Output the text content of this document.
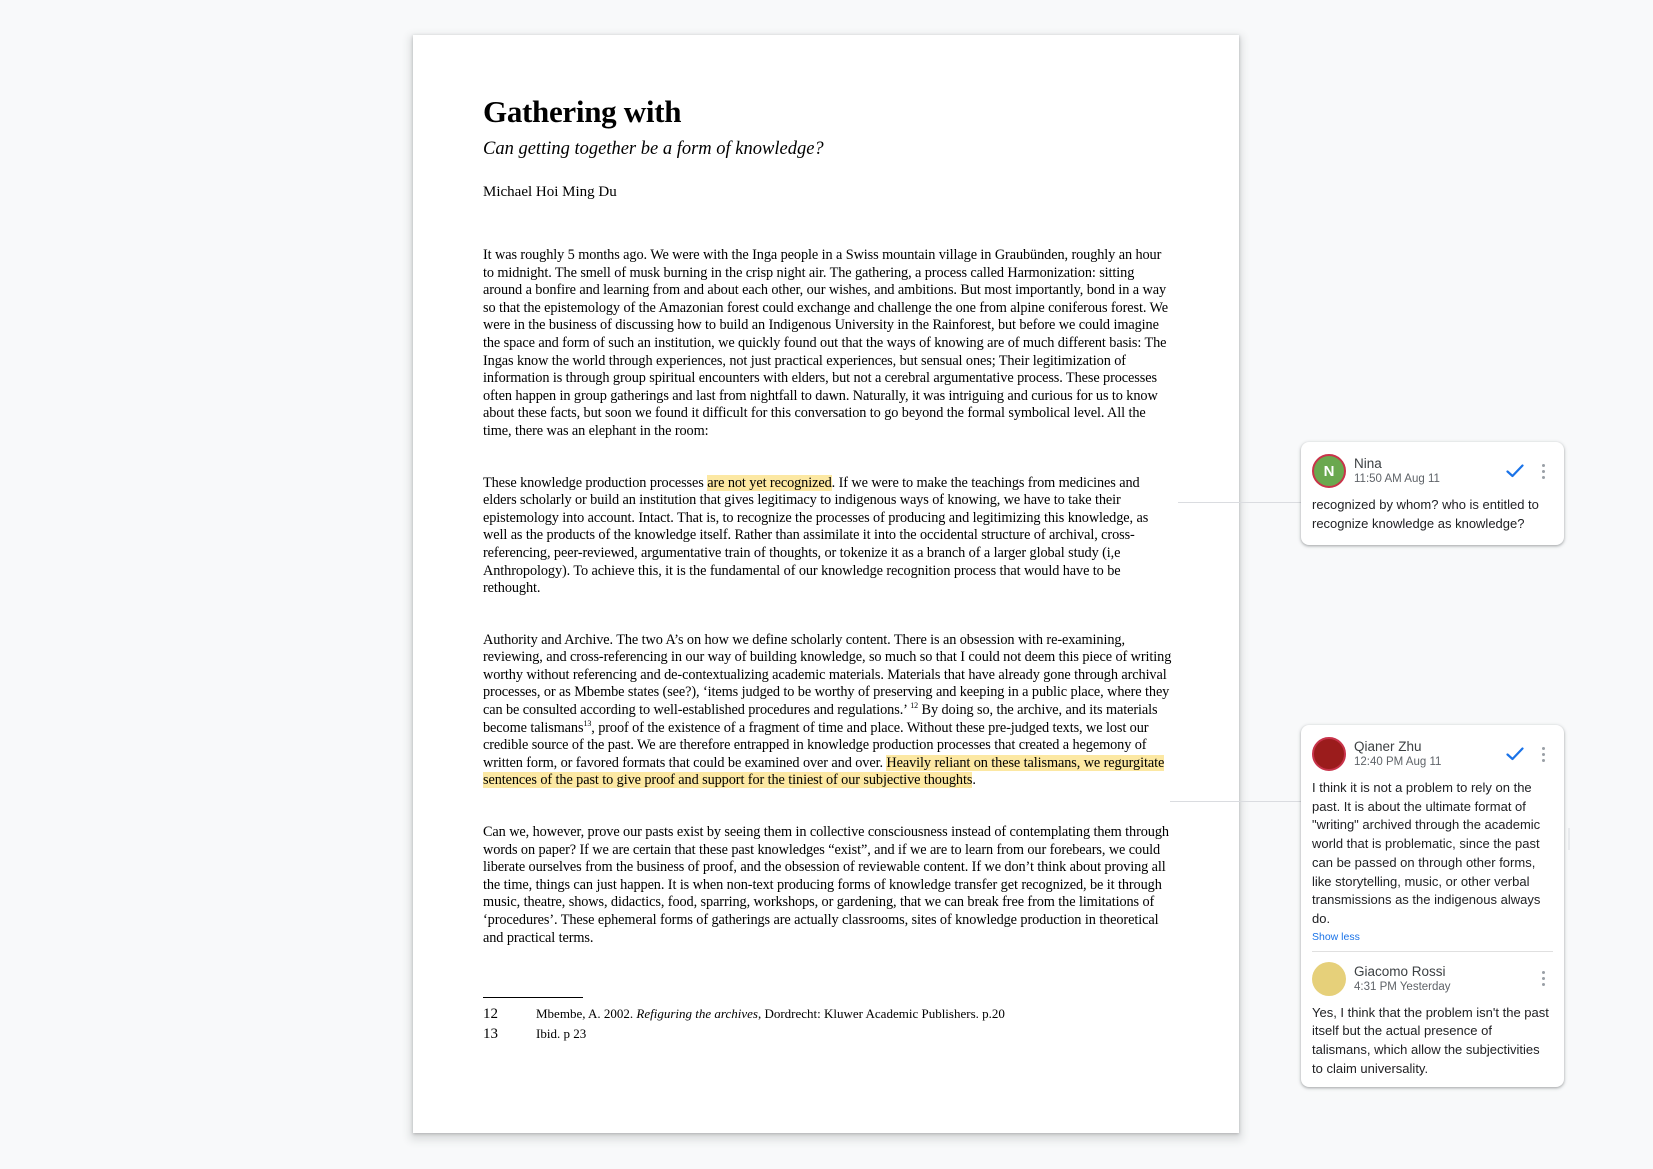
Gathering with

Can getting together be a form of knowledge?

Michael Hoi Ming Du

It was roughly 5 months ago. We were with the Inga people in a Swiss mountain village in Graubünden, roughly an hour to midnight. The smell of musk burning in the crisp night air. The gathering, a process called Harmonization: sitting around a bonfire and learning from and about each other, our wishes, and ambitions. But most importantly, bond in a way so that the epistemology of the Amazonian forest could exchange and challenge the one from alpine coniferous forest. We were in the business of discussing how to build an Indigenous University in the Rainforest, but before we could imagine the space and form of such an institution, we quickly found out that the ways of knowing are of much different basis: The Ingas know the world through experiences, not just practical experiences, but sensual ones; Their legitimization of information is through group spiritual encounters with elders, but not a cerebral argumentative process. These processes often happen in group gatherings and last from nightfall to dawn. Naturally, it was intriguing and curious for us to know about these facts, but soon we found it difficult for this conversation to go beyond the formal symbolical level. All the time, there was an elephant in the room:

These knowledge production processes are not yet recognized. If we were to make the teachings from medicines and elders scholarly or build an institution that gives legitimacy to indigenous ways of knowing, we have to take their epistemology into account. Intact. That is, to recognize the processes of producing and legitimizing this knowledge, as well as the products of the knowledge itself. Rather than assimilate it into the occidental structure of archival, cross-referencing, peer-reviewed, argumentative train of thoughts, or tokenize it as a branch of a larger global study (i,e Anthropology). To achieve this, it is the fundamental of our knowledge recognition process that would have to be rethought.

Authority and Archive. The two A’s on how we define scholarly content. There is an obsession with re-examining, reviewing, and cross-referencing in our way of building knowledge, so much so that I could not deem this piece of writing worthy without referencing and de-contextualizing academic materials. Materials that have already gone through archival processes, or as Mbembe states (see?), ‘items judged to be worthy of preserving and keeping in a public place, where they can be consulted according to well-established procedures and regulations.’ $^{12}$ By doing so, the archive, and its materials become talismans$^{13}$, proof of the existence of a fragment of time and place. Without these pre-judged texts, we lost our credible source of the past. We are therefore entrapped in knowledge production processes that created a hegemony of written form, or favored formats that could be examined over and over. Heavily reliant on these talismans, we regurgitate sentences of the past to give proof and support for the tiniest of our subjective thoughts.

Can we, however, prove our pasts exist by seeing them in collective consciousness instead of contemplating them through words on paper? If we are certain that these past knowledges “exist”, and if we are to learn from our forebears, we could liberate ourselves from the business of proof, and the obsession of reviewable content. If we don’t think about proving all the time, things can just happen. It is when non-text producing forms of knowledge transfer get recognized, be it through music, theatre, shows, didactics, food, sparring, workshops, or gardening, that we can break free from the limitations of ‘procedures’. These ephemeral forms of gatherings are actually classrooms, sites of knowledge production in theoretical and practical terms.

12	Mbembe, A. 2002. Refiguring the archives, Dordrecht: Kluwer Academic Publishers. p.20
13	Ibid. p 23
N	Nina
11:50 AM Aug 11
recognized by whom? who is entitled to recognize knowledge as knowledge?
Qianer Zhu
12:40 PM Aug 11
I think it is not a problem to rely on the past. It is about the ultimate format of "writing" archived through the academic world that is problematic, since the past can be passed on through other forms, like storytelling, music, or other verbal transmissions as the indigenous always do.
Show less
Giacomo Rossi
4:31 PM Yesterday
Yes, I think that the problem isn't the past itself but the actual presence of talismans, which allow the subjectivities to claim universality.
